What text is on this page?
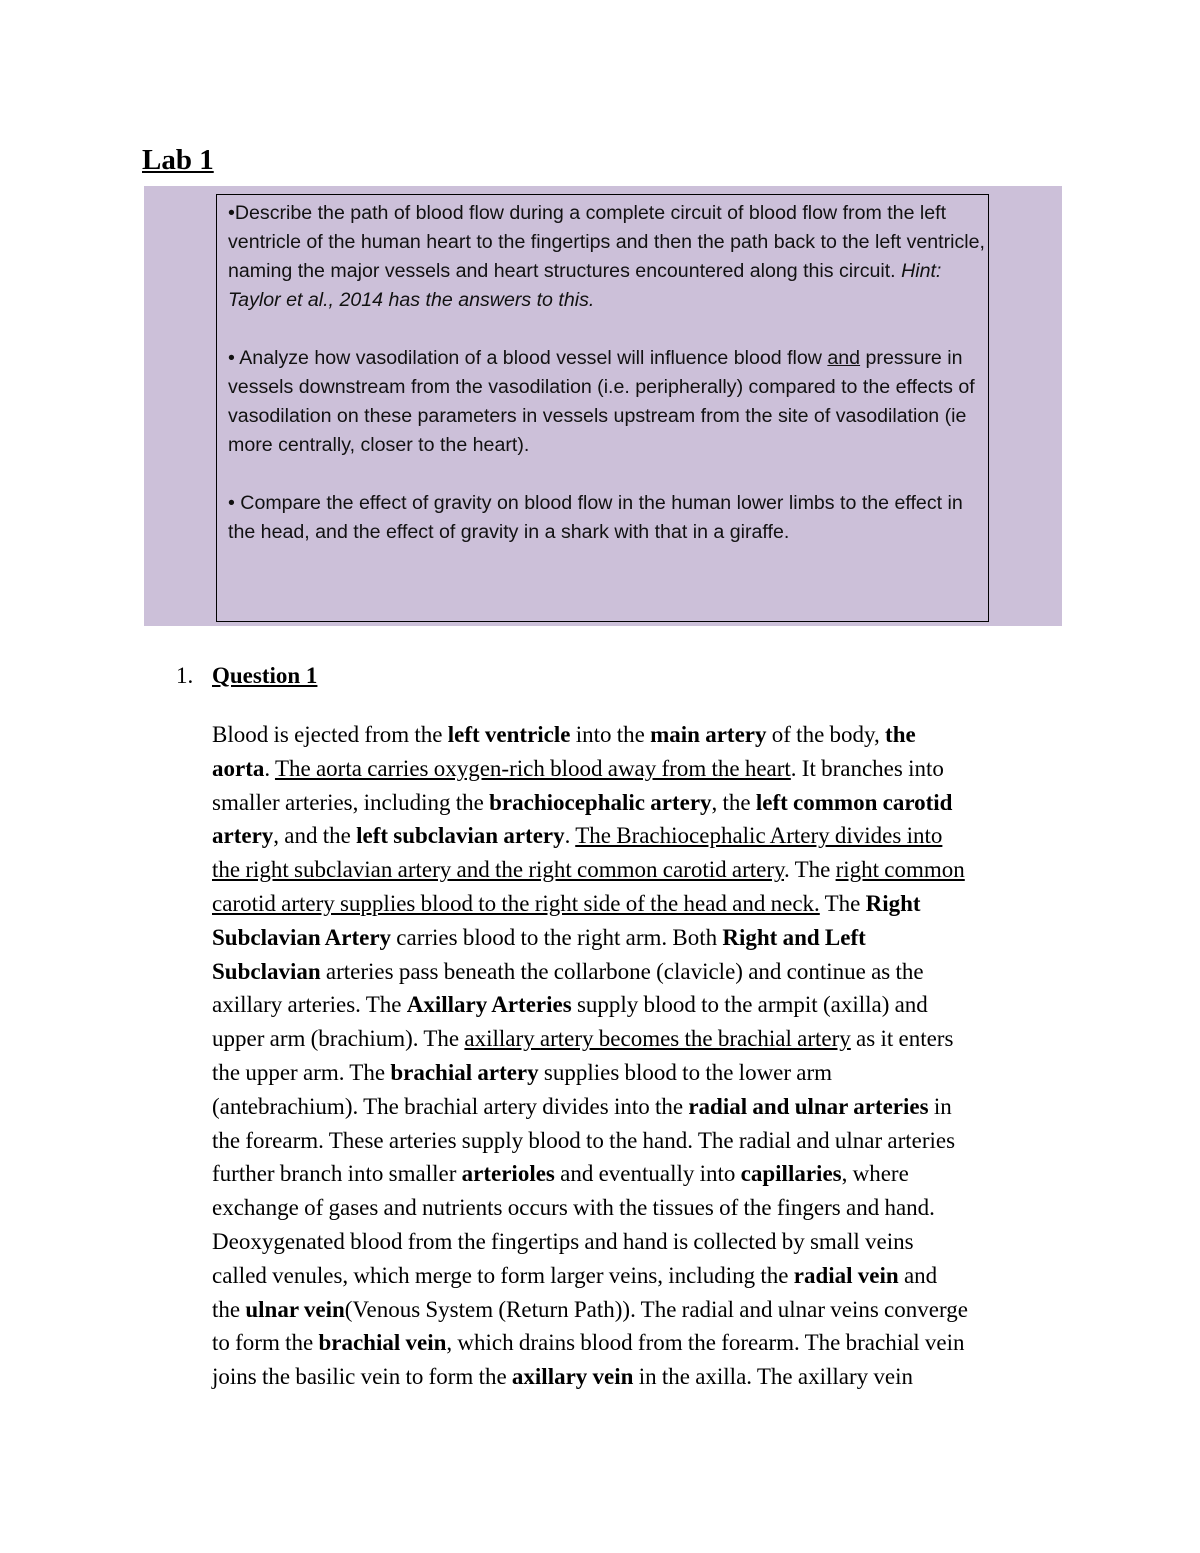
Lab 1

•Describe the path of blood flow during a complete circuit of blood flow from the left ventricle of the human heart to the fingertips and then the path back to the left ventricle, naming the major vessels and heart structures encountered along this circuit. Hint: Taylor et al., 2014 has the answers to this.

• Analyze how vasodilation of a blood vessel will influence blood flow and pressure in vessels downstream from the vasodilation (i.e. peripherally) compared to the effects of vasodilation on these parameters in vessels upstream from the site of vasodilation (ie more centrally, closer to the heart).

• Compare the effect of gravity on blood flow in the human lower limbs to the effect in the head, and the effect of gravity in a shark with that in a giraffe.

1. Question 1
Blood is ejected from the left ventricle into the main artery of the body, the
aorta. The aorta carries oxygen-rich blood away from the heart. It branches into
smaller arteries, including the brachiocephalic artery, the left common carotid
artery, and the left subclavian artery. The Brachiocephalic Artery divides into
the right subclavian artery and the right common carotid artery. The right common
carotid artery supplies blood to the right side of the head and neck. The Right
Subclavian Artery carries blood to the right arm. Both Right and Left
Subclavian arteries pass beneath the collarbone (clavicle) and continue as the
axillary arteries. The Axillary Arteries supply blood to the armpit (axilla) and
upper arm (brachium). The axillary artery becomes the brachial artery as it enters
the upper arm. The brachial artery supplies blood to the lower arm
(antebrachium). The brachial artery divides into the radial and ulnar arteries in
the forearm. These arteries supply blood to the hand. The radial and ulnar arteries
further branch into smaller arterioles and eventually into capillaries, where
exchange of gases and nutrients occurs with the tissues of the fingers and hand.
Deoxygenated blood from the fingertips and hand is collected by small veins
called venules, which merge to form larger veins, including the radial vein and
the ulnar vein(Venous System (Return Path)). The radial and ulnar veins converge
to form the brachial vein, which drains blood from the forearm. The brachial vein
joins the basilic vein to form the axillary vein in the axilla. The axillary vein
